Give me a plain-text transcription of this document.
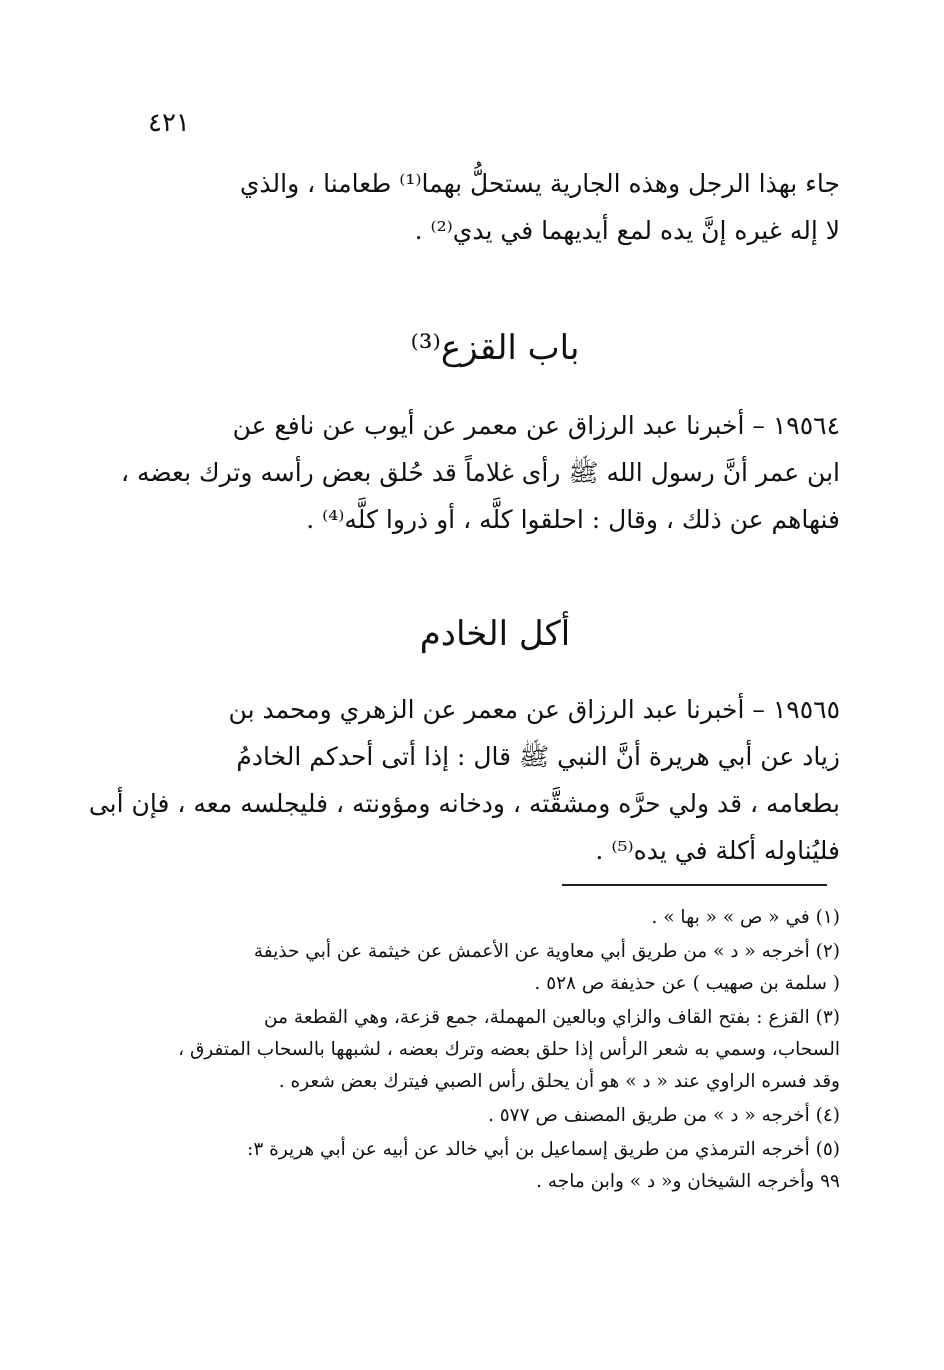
٤٢١

جاء بهذا الرجل وهذه الجارية يستحلُّ بهما⁽¹⁾ طعامنا ، والذي

لا إله غيره إنَّ يده لمع أيديهما في يدي⁽²⁾ .

باب القزع⁽³⁾

١٩٥٦٤ – أخبرنا عبد الرزاق عن معمر عن أيوب عن نافع عن

ابن عمر أنَّ رسول الله ﷺ رأى غلاماً قد حُلق بعض رأسه وترك بعضه ،

فنهاهم عن ذلك ، وقال : احلقوا كلَّه ، أو ذروا كلَّه⁽⁴⁾ .

أكل الخادم

١٩٥٦٥ – أخبرنا عبد الرزاق عن معمر عن الزهري ومحمد بن

زياد عن أبي هريرة أنَّ النبي ﷺ قال : إذا أتى أحدكم الخادمُ

بطعامه ، قد ولي حرَّه ومشقَّته ، ودخانه ومؤونته ، فليجلسه معه ، فإن أبى

فليُناوله أكلة في يده⁽⁵⁾ .

(١) في « ص » « بها » .

(٢) أخرجه « د » من طريق أبي معاوية عن الأعمش عن خيثمة عن أبي حذيفة

( سلمة بن صهيب ) عن حذيفة ص ٥٢٨ .

(٣) القزع : بفتح القاف والزاي وبالعين المهملة، جمع قزعة، وهي القطعة من

السحاب، وسمي به شعر الرأس إذا حلق بعضه وترك بعضه ، لشبهها بالسحاب المتفرق ،

وقد فسره الراوي عند « د » هو أن يحلق رأس الصبي فيترك بعض شعره .

(٤) أخرجه « د » من طريق المصنف ص ٥٧٧ .

(٥) أخرجه الترمذي من طريق إسماعيل بن أبي خالد عن أبيه عن أبي هريرة ٣:

٩٩ وأخرجه الشيخان و« د » وابن ماجه .
